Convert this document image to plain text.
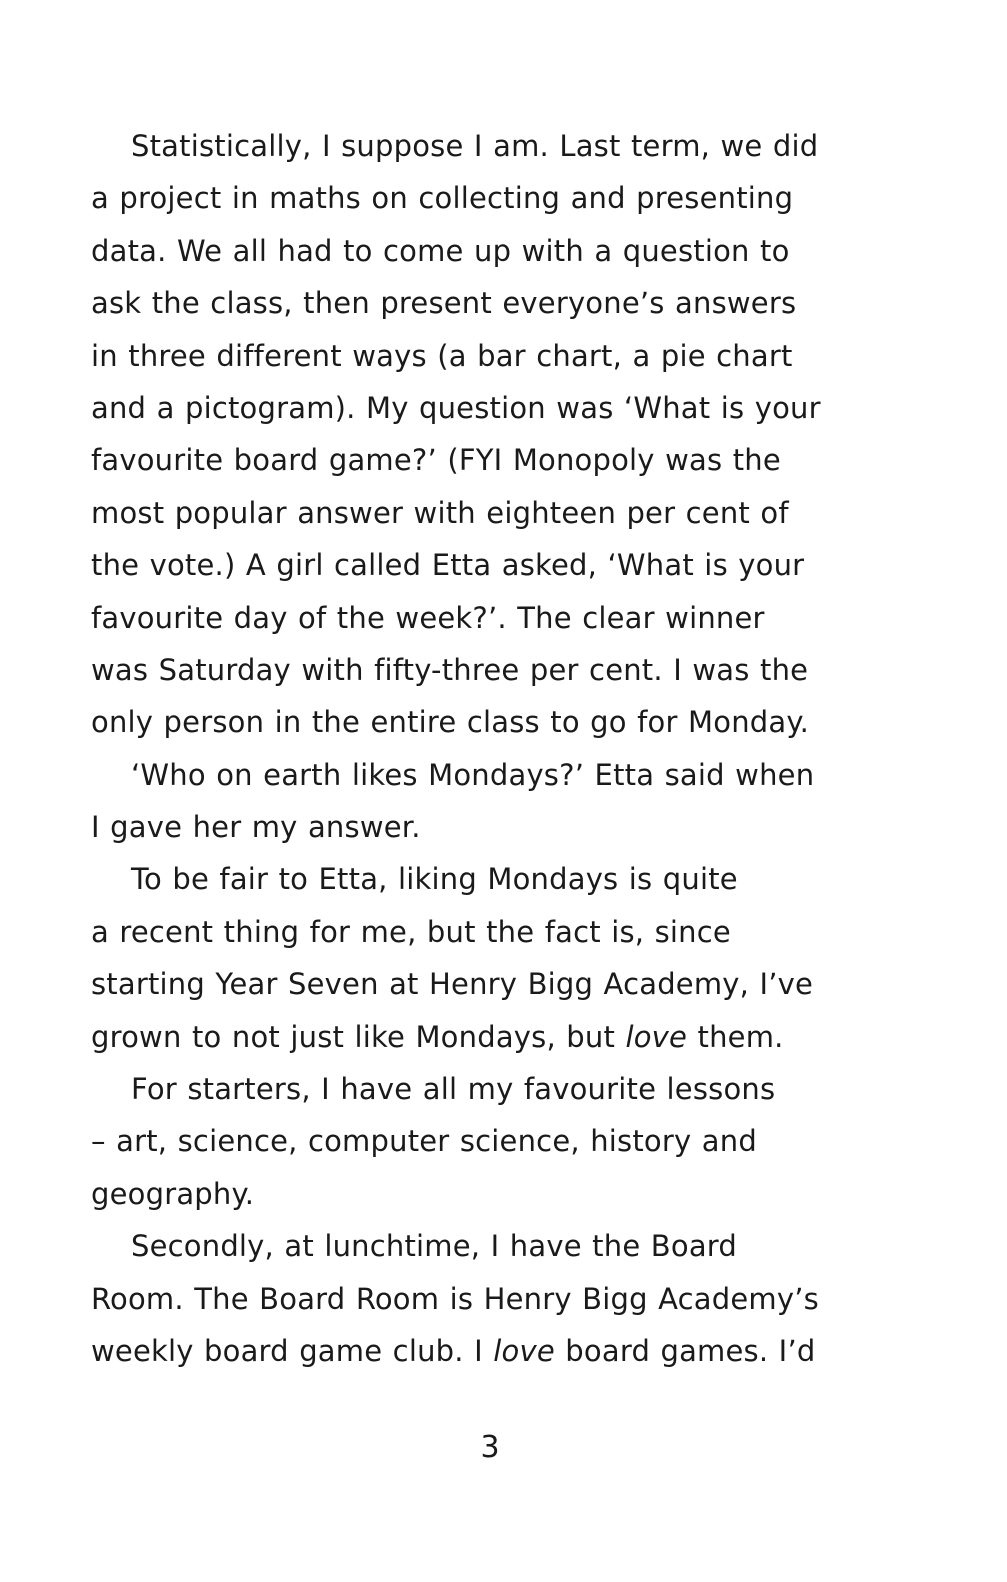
Statistically, I suppose I am. Last term, we did
a project in maths on collecting and presenting
data. We all had to come up with a question to
ask the class, then present everyone’s answers
in three different ways (a bar chart, a pie chart
and a pictogram). My question was ‘What is your
favourite board game?’ (FYI Monopoly was the
most popular answer with eighteen per cent of
the vote.) A girl called Etta asked, ‘What is your
favourite day of the week?’. The clear winner
was Saturday with fifty-three per cent. I was the
only person in the entire class to go for Monday.
‘Who on earth likes Mondays?’ Etta said when
I gave her my answer.
To be fair to Etta, liking Mondays is quite
a recent thing for me, but the fact is, since
starting Year Seven at Henry Bigg Academy, I’ve
grown to not just like Mondays, but love them.
For starters, I have all my favourite lessons
– art, science, computer science, history and
geography.
Secondly, at lunchtime, I have the Board
Room. The Board Room is Henry Bigg Academy’s
weekly board game club. I love board games. I’d
3
